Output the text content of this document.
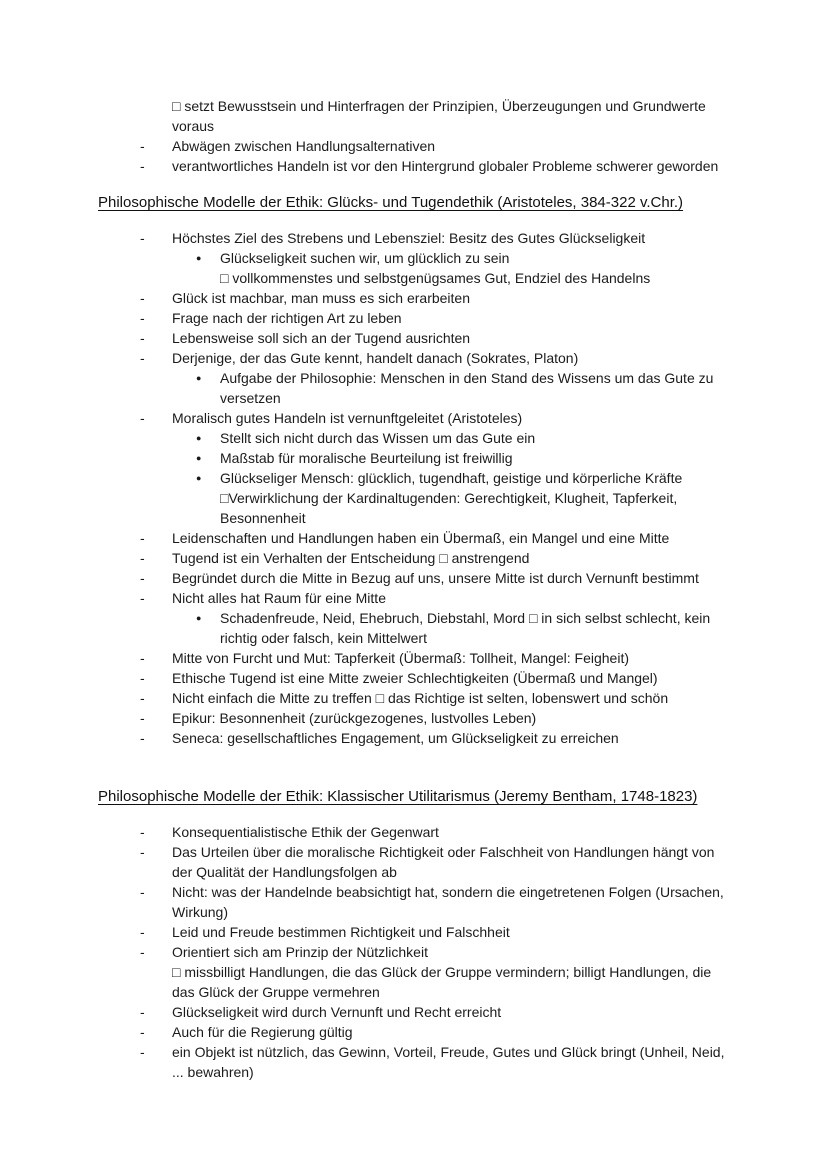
□ setzt Bewusstsein und Hinterfragen der Prinzipien, Überzeugungen und Grundwerte voraus
- Abwägen zwischen Handlungsalternativen
- verantwortliches Handeln ist vor den Hintergrund globaler Probleme schwerer geworden
Philosophische Modelle der Ethik: Glücks- und Tugendethik (Aristoteles, 384-322 v.Chr.)
- Höchstes Ziel des Strebens und Lebensziel: Besitz des Gutes Glückseligkeit
● Glückseligkeit suchen wir, um glücklich zu sein
□ vollkommenstes und selbstgenügsames Gut, Endziel des Handelns
- Glück ist machbar, man muss es sich erarbeiten
- Frage nach der richtigen Art zu leben
- Lebensweise soll sich an der Tugend ausrichten
- Derjenige, der das Gute kennt, handelt danach (Sokrates, Platon)
● Aufgabe der Philosophie: Menschen in den Stand des Wissens um das Gute zu versetzen
- Moralisch gutes Handeln ist vernunftgeleitet (Aristoteles)
● Stellt sich nicht durch das Wissen um das Gute ein
● Maßstab für moralische Beurteilung ist freiwillig
● Glückseliger Mensch: glücklich, tugendhaft, geistige und körperliche Kräfte
□Verwirklichung der Kardinaltugenden: Gerechtigkeit, Klugheit, Tapferkeit, Besonnenheit
- Leidenschaften und Handlungen haben ein Übermaß, ein Mangel und eine Mitte
- Tugend ist ein Verhalten der Entscheidung □ anstrengend
- Begründet durch die Mitte in Bezug auf uns, unsere Mitte ist durch Vernunft bestimmt
- Nicht alles hat Raum für eine Mitte
● Schadenfreude, Neid, Ehebruch, Diebstahl, Mord □ in sich selbst schlecht, kein richtig oder falsch, kein Mittelwert
- Mitte von Furcht und Mut: Tapferkeit (Übermaß: Tollheit, Mangel: Feigheit)
- Ethische Tugend ist eine Mitte zweier Schlechtigkeiten (Übermaß und Mangel)
- Nicht einfach die Mitte zu treffen □ das Richtige ist selten, lobenswert und schön
- Epikur: Besonnenheit (zurückgezogenes, lustvolles Leben)
- Seneca: gesellschaftliches Engagement, um Glückseligkeit zu erreichen
Philosophische Modelle der Ethik: Klassischer Utilitarismus (Jeremy Bentham, 1748-1823)
- Konsequentialistische Ethik der Gegenwart
- Das Urteilen über die moralische Richtigkeit oder Falschheit von Handlungen hängt von der Qualität der Handlungsfolgen ab
- Nicht: was der Handelnde beabsichtigt hat, sondern die eingetretenen Folgen (Ursachen, Wirkung)
- Leid und Freude bestimmen Richtigkeit und Falschheit
- Orientiert sich am Prinzip der Nützlichkeit
□ missbilligt Handlungen, die das Glück der Gruppe vermindern; billigt Handlungen, die das Glück der Gruppe vermehren
- Glückseligkeit wird durch Vernunft und Recht erreicht
- Auch für die Regierung gültig
- ein Objekt ist nützlich, das Gewinn, Vorteil, Freude, Gutes und Glück bringt (Unheil, Neid, ... bewahren)
